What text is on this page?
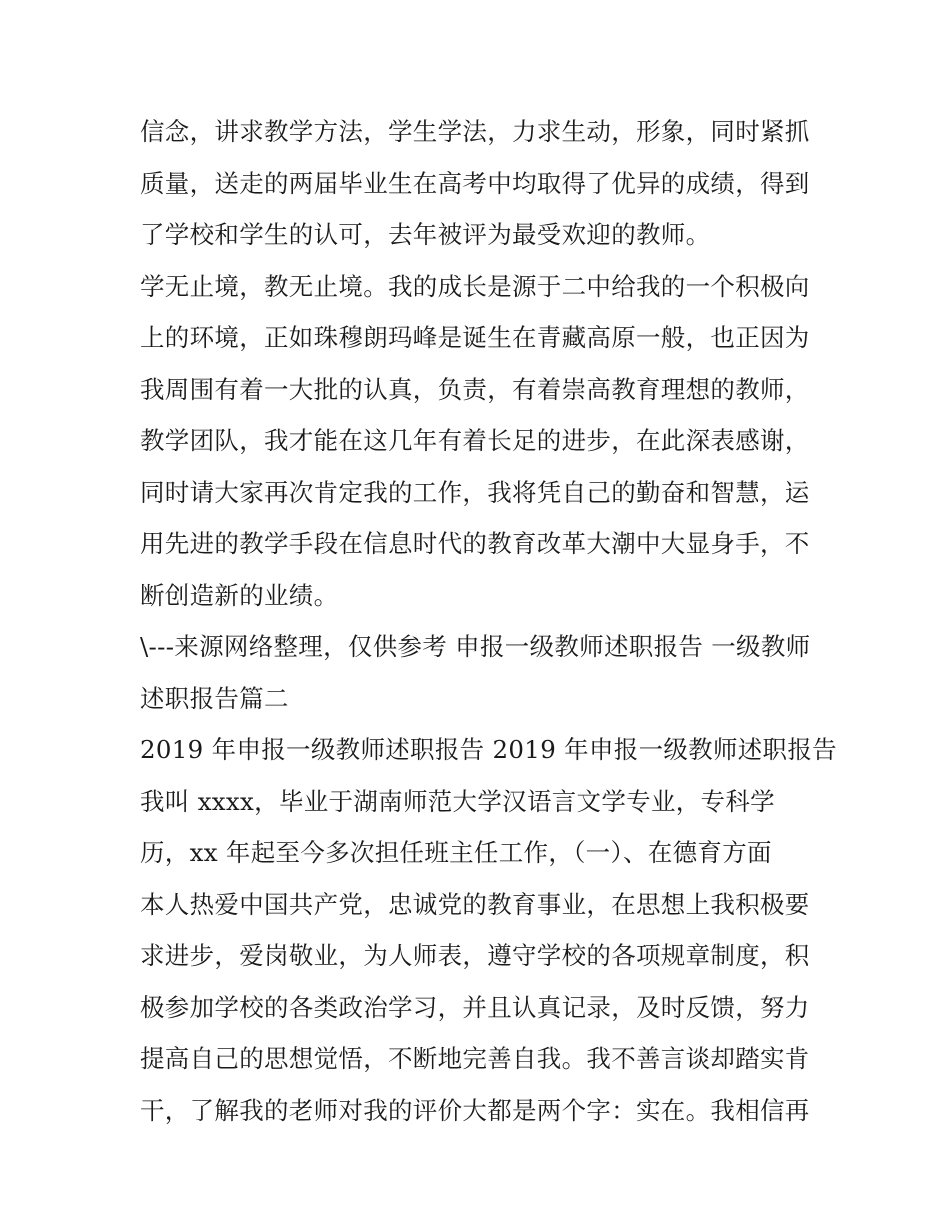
信念，讲求教学方法，学生学法，力求生动，形象，同时紧抓
质量，送走的两届毕业生在高考中均取得了优异的成绩，得到
了学校和学生的认可，去年被评为最受欢迎的教师。
学无止境，教无止境。我的成长是源于二中给我的一个积极向
上的环境，正如珠穆朗玛峰是诞生在青藏高原一般，也正因为
我周围有着一大批的认真，负责，有着崇高教育理想的教师，
教学团队，我才能在这几年有着长足的进步，在此深表感谢，
同时请大家再次肯定我的工作，我将凭自己的勤奋和智慧，运
用先进的教学手段在信息时代的教育改革大潮中大显身手，不
断创造新的业绩。
\---来源网络整理，仅供参考 申报一级教师述职报告 一级教师
述职报告篇二
2019 年申报一级教师述职报告 2019 年申报一级教师述职报告
我叫 xxxx，毕业于湖南师范大学汉语言文学专业，专科学
历，xx 年起至今多次担任班主任工作，（一）、在德育方面
本人热爱中国共产党，忠诚党的教育事业，在思想上我积极要
求进步，爱岗敬业，为人师表，遵守学校的各项规章制度，积
极参加学校的各类政治学习，并且认真记录，及时反馈，努力
提高自己的思想觉悟，不断地完善自我。我不善言谈却踏实肯
干，了解我的老师对我的评价大都是两个字：实在。我相信再
